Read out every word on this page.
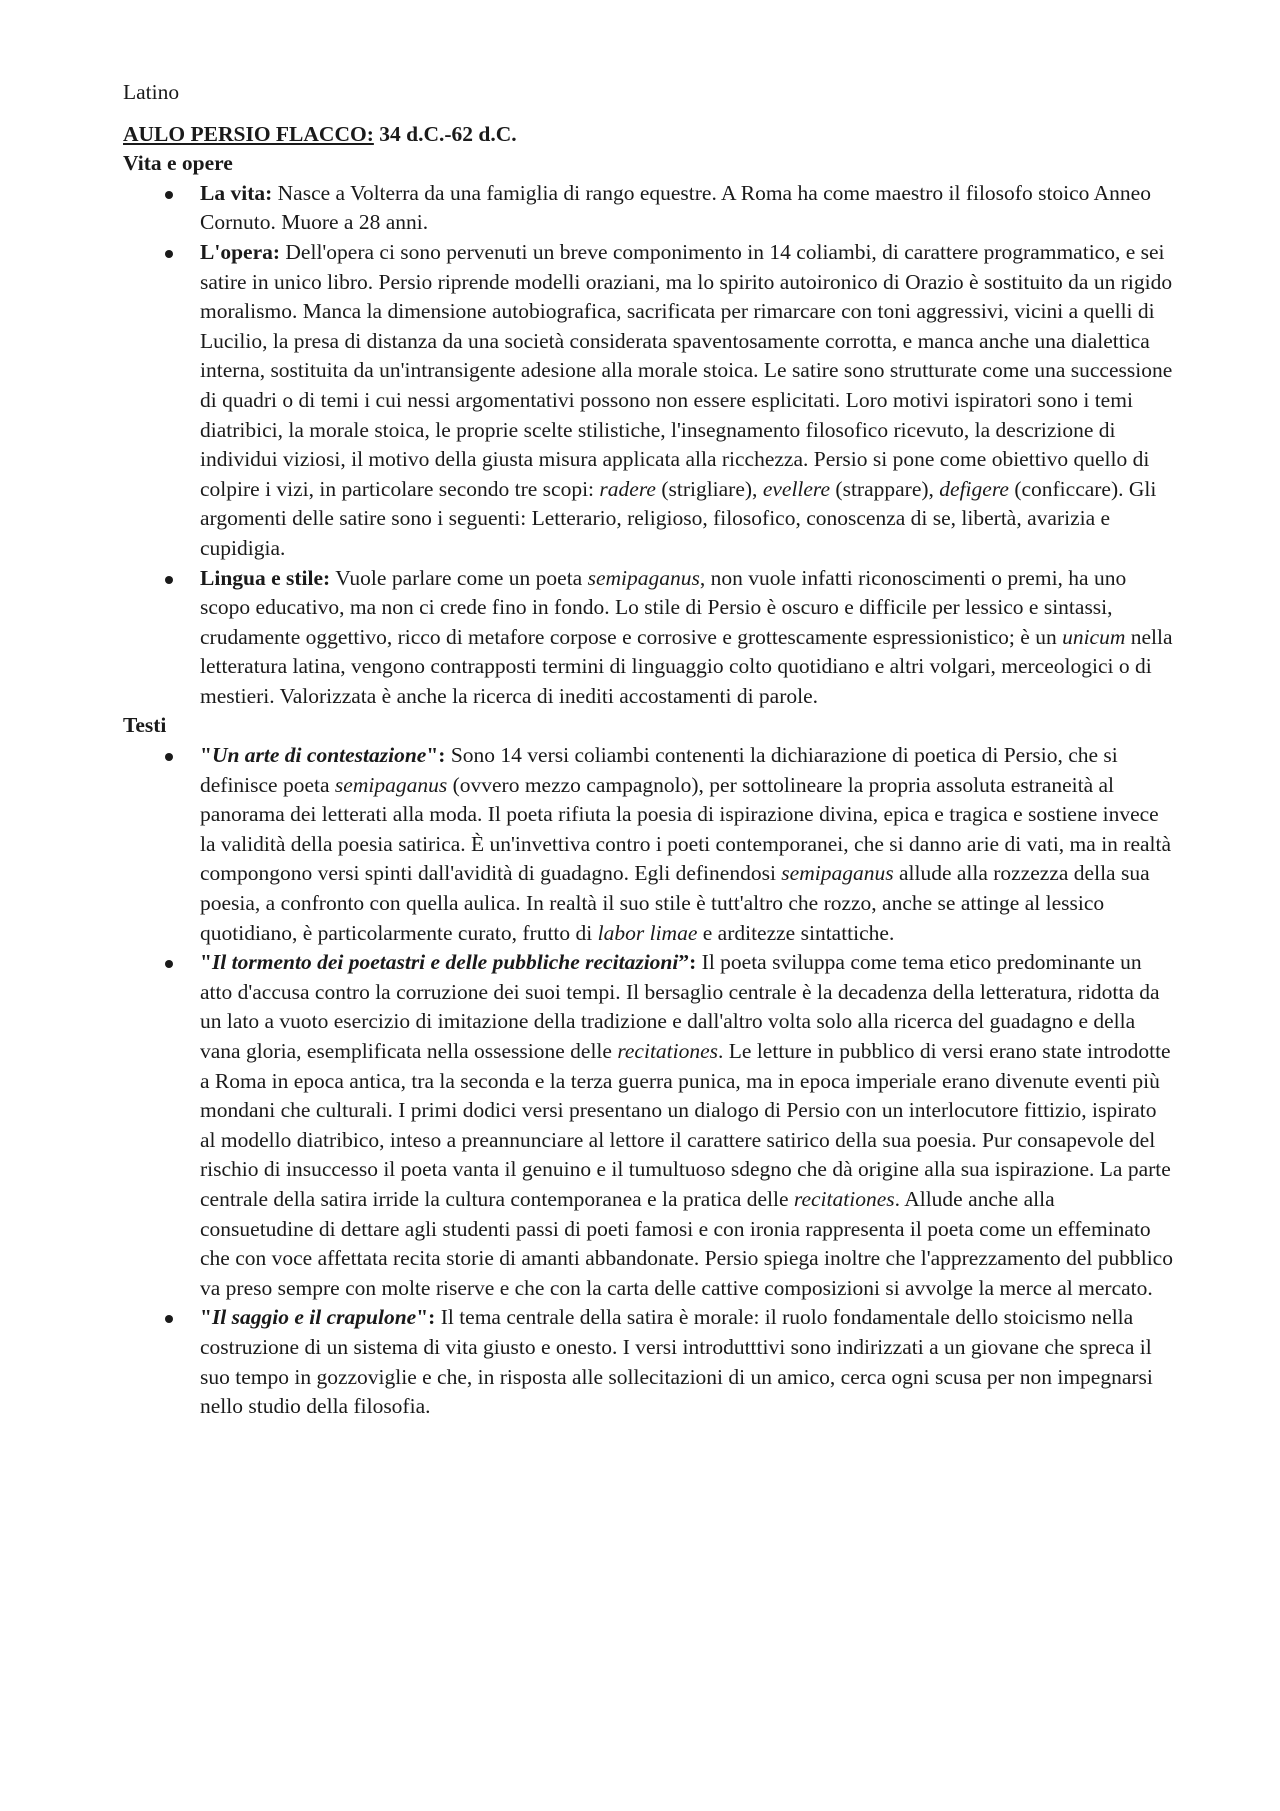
Latino
AULO PERSIO FLACCO: 34 d.C.-62 d.C.
Vita e opere
La vita: Nasce a Volterra da una famiglia di rango equestre. A Roma ha come maestro il filosofo stoico Anneo Cornuto. Muore a 28 anni.
L'opera: Dell'opera ci sono pervenuti un breve componimento in 14 coliambi, di carattere programmatico, e sei satire in unico libro. Persio riprende modelli oraziani, ma lo spirito autoironico di Orazio è sostituito da un rigido moralismo. Manca la dimensione autobiografica, sacrificata per rimarcare con toni aggressivi, vicini a quelli di Lucilio, la presa di distanza da una società considerata spaventosamente corrotta, e manca anche una dialettica interna, sostituita da un'intransigente adesione alla morale stoica. Le satire sono strutturate come una successione di quadri o di temi i cui nessi argomentativi possono non essere esplicitati. Loro motivi ispiratori sono i temi diatribici, la morale stoica, le proprie scelte stilistiche, l'insegnamento filosofico ricevuto, la descrizione di individui viziosi, il motivo della giusta misura applicata alla ricchezza. Persio si pone come obiettivo quello di colpire i vizi, in particolare secondo tre scopi: radere (strigliare), evellere (strappare), defigere (conficcare). Gli argomenti delle satire sono i seguenti: Letterario, religioso, filosofico, conoscenza di se, libertà, avarizia e cupidigia.
Lingua e stile: Vuole parlare come un poeta semipaganus, non vuole infatti riconoscimenti o premi, ha uno scopo educativo, ma non ci crede fino in fondo. Lo stile di Persio è oscuro e difficile per lessico e sintassi, crudamente oggettivo, ricco di metafore corpose e corrosive e grottescamente espressionistico; è un unicum nella letteratura latina, vengono contrapposti termini di linguaggio colto quotidiano e altri volgari, merceologici o di mestieri. Valorizzata è anche la ricerca di inediti accostamenti di parole.
Testi
"Un arte di contestazione": Sono 14 versi coliambi contenenti la dichiarazione di poetica di Persio, che si definisce poeta semipaganus (ovvero mezzo campagnolo), per sottolineare la propria assoluta estraneità al panorama dei letterati alla moda. Il poeta rifiuta la poesia di ispirazione divina, epica e tragica e sostiene invece la validità della poesia satirica. È un'invettiva contro i poeti contemporanei, che si danno arie di vati, ma in realtà compongono versi spinti dall'avidità di guadagno. Egli definendosi semipaganus allude alla rozzezza della sua poesia, a confronto con quella aulica. In realtà il suo stile è tutt'altro che rozzo, anche se attinge al lessico quotidiano, è particolarmente curato, frutto di labor limae e arditezze sintattiche.
"Il tormento dei poetastri e delle pubbliche recitazioni”: Il poeta sviluppa come tema etico predominante un atto d'accusa contro la corruzione dei suoi tempi. Il bersaglio centrale è la decadenza della letteratura, ridotta da un lato a vuoto esercizio di imitazione della tradizione e dall'altro volta solo alla ricerca del guadagno e della vana gloria, esemplificata nella ossessione delle recitationes. Le letture in pubblico di versi erano state introdotte a Roma in epoca antica, tra la seconda e la terza guerra punica, ma in epoca imperiale erano divenute eventi più mondani che culturali. I primi dodici versi presentano un dialogo di Persio con un interlocutore fittizio, ispirato al modello diatribico, inteso a preannunciare al lettore il carattere satirico della sua poesia. Pur consapevole del rischio di insuccesso il poeta vanta il genuino e il tumultuoso sdegno che dà origine alla sua ispirazione. La parte centrale della satira irride la cultura contemporanea e la pratica delle recitationes. Allude anche alla consuetudine di dettare agli studenti passi di poeti famosi e con ironia rappresenta il poeta come un effeminato che con voce affettata recita storie di amanti abbandonate. Persio spiega inoltre che l'apprezzamento del pubblico va preso sempre con molte riserve e che con la carta delle cattive composizioni si avvolge la merce al mercato.
"Il saggio e il crapulone": Il tema centrale della satira è morale: il ruolo fondamentale dello stoicismo nella costruzione di un sistema di vita giusto e onesto. I versi introdutttivi sono indirizzati a un giovane che spreca il suo tempo in gozzoviglie e che, in risposta alle sollecitazioni di un amico, cerca ogni scusa per non impegnarsi nello studio della filosofia.
